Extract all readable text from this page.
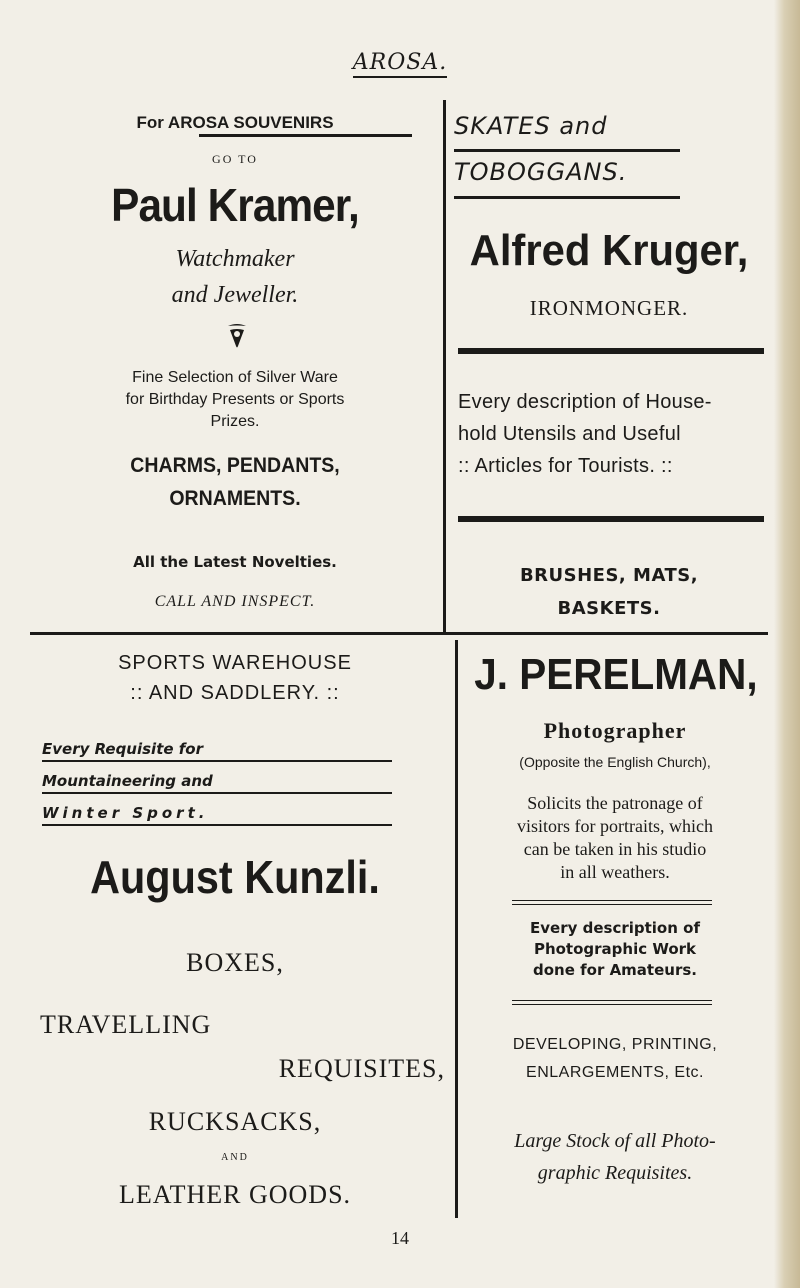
AROSA.
For AROSA SOUVENIRS
GO TO
Paul Kramer,
Watchmaker
and Jeweller.
Fine Selection of Silver Ware
for Birthday Presents or Sports
Prizes.
CHARMS, PENDANTS,
ORNAMENTS.
All the Latest Novelties.
CALL AND INSPECT.
SKATES and
TOBOGGANS.
Alfred Kruger,
IRONMONGER.
Every description of House-
hold Utensils and Useful
:: Articles for Tourists. ::
BRUSHES, MATS,
BASKETS.
SPORTS WAREHOUSE
:: AND SADDLERY. ::
Every Requisite for
Mountaineering and
Winter Sport.
August Kunzli.
BOXES,
TRAVELLING
REQUISITES,
RUCKSACKS,
AND
LEATHER GOODS.
J. PERELMAN,
Photographer
(Opposite the English Church),
Solicits the patronage of
visitors for portraits, which
can be taken in his studio
in all weathers.
Every description of
Photographic Work
done for Amateurs.
DEVELOPING, PRINTING,
ENLARGEMENTS, Etc.
Large Stock of all Photo-
graphic Requisites.
14
